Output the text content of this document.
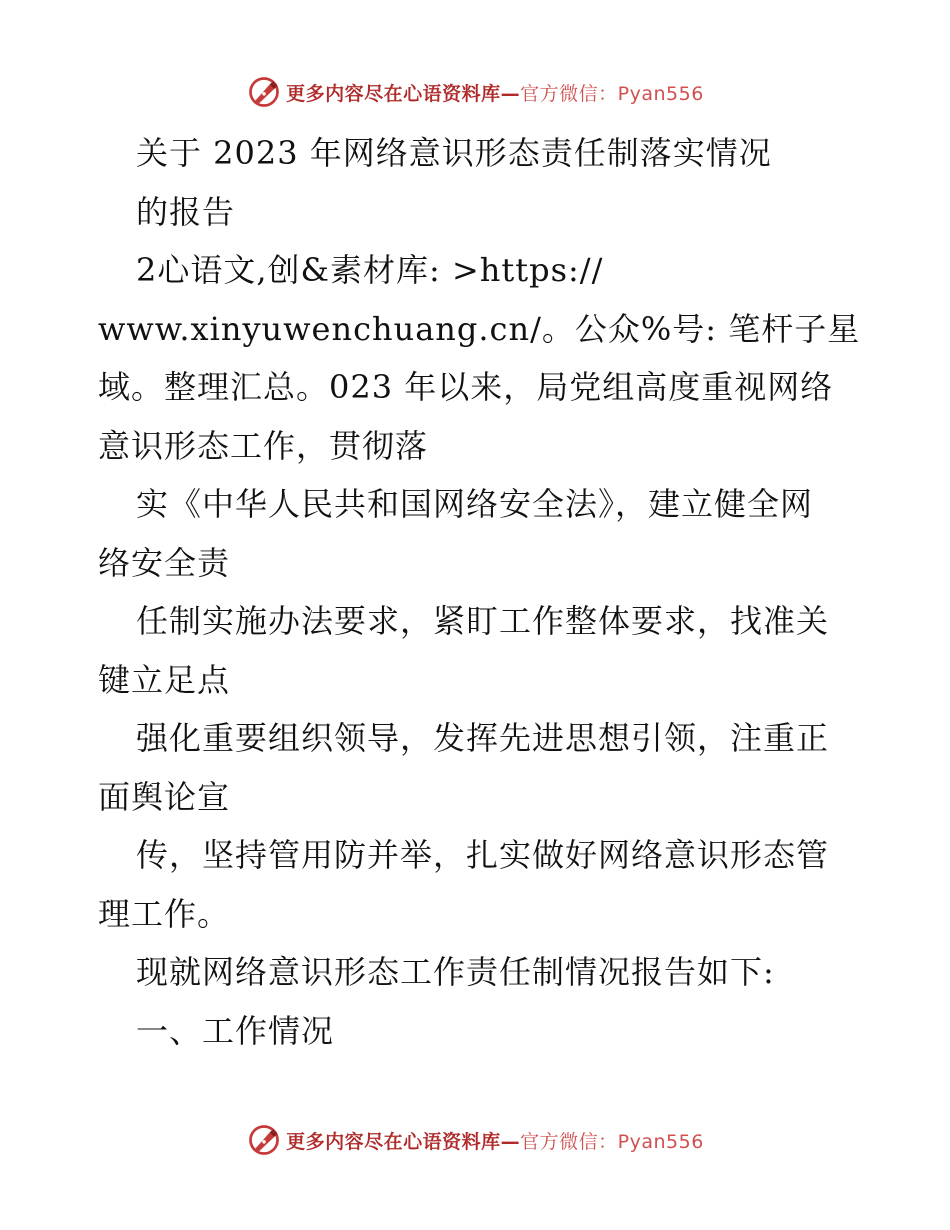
更多内容尽在心语资料库—官方微信：Pyan556
关于 2023 年网络意识形态责任制落实情况
的报告
2心语文,创&素材库: >https://
www.xinyuwenchuang.cn/。公众%号: 笔杆子星
域。整理汇总。023 年以来，局党组高度重视网络
意识形态工作，贯彻落
实《中华人民共和国网络安全法》，建立健全网
络安全责
任制实施办法要求，紧盯工作整体要求，找准关
键立足点
强化重要组织领导，发挥先进思想引领，注重正
面舆论宣
传，坚持管用防并举，扎实做好网络意识形态管
理工作。
现就网络意识形态工作责任制情况报告如下:
一、工作情况
更多内容尽在心语资料库—官方微信：Pyan556
